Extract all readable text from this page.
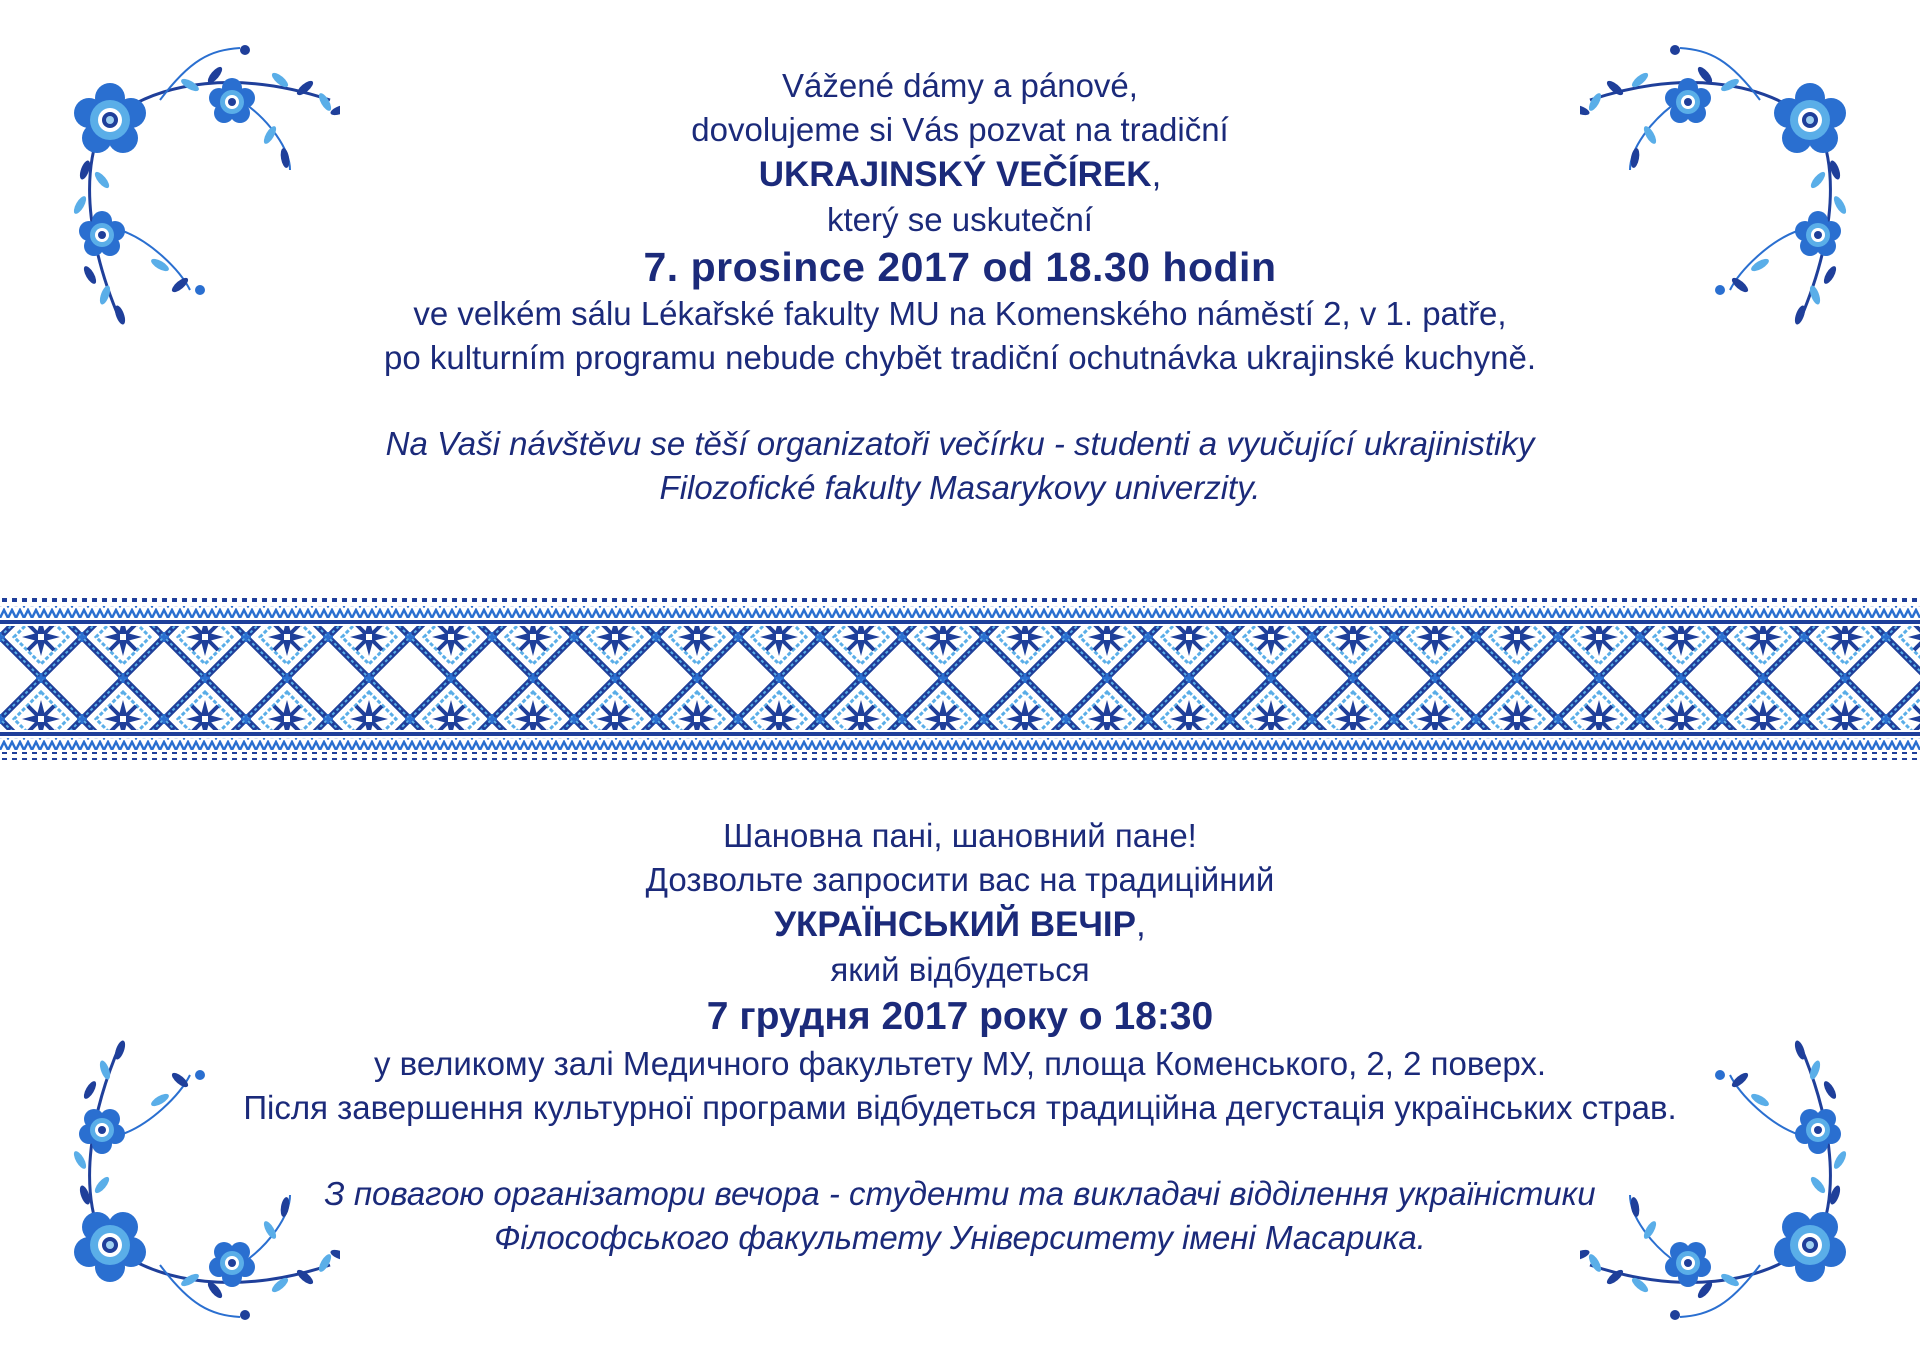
Vážené dámy a pánové,

dovolujeme si Vás pozvat na tradiční

UKRAJINSKÝ VEČÍREK,

který se uskuteční

7. prosince 2017 od 18.30 hodin

ve velkém sálu Lékařské fakulty MU na Komenského náměstí 2, v 1. patře,

po kulturním programu nebude chybět tradiční ochutnávka ukrajinské kuchyně.

Na Vaši návštěvu se těší organizatoři večírku - studenti a vyučující ukrajinistiky

Filozofické fakulty Masarykovy univerzity.

Шановна пані, шановний пане!

Дозвольте запросити вас на традиційний

УКРАЇНСЬКИЙ ВЕЧІР,

який відбудеться

7 грудня 2017 року о 18:30

у великому залі Медичного факультету МУ, площа Коменського, 2, 2 поверх.

Після завершення культурної програми відбудеться традиційна дегустація українських страв.

З повагою організатори вечора - студенти та викладачі відділення україністики

Філософського факультету Університету імені Масарика.
